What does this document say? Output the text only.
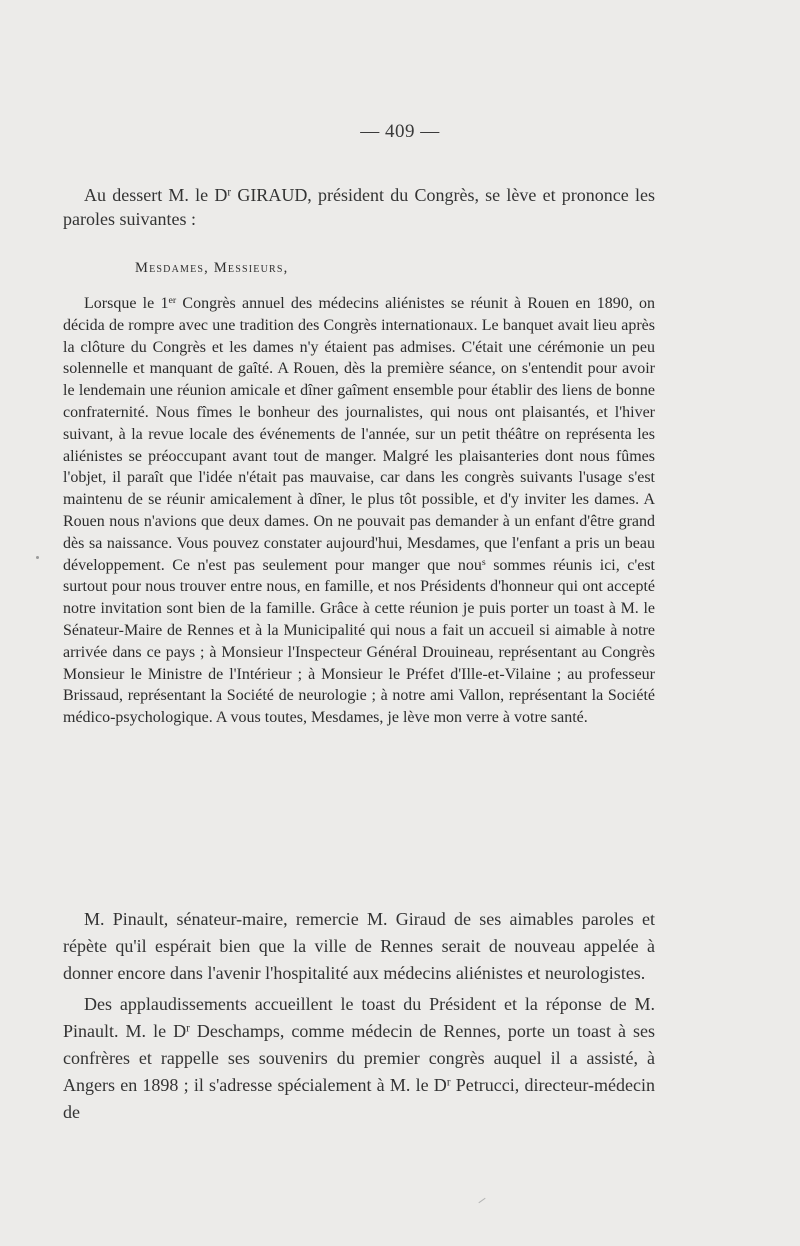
— 409 —

Au dessert M. le $D^r$ GIRAUD, président du Congrès, se lève et prononce les paroles suivantes :

Mesdames, Messieurs,

Lorsque le 1er Congrès annuel des médecins aliénistes se réunit à Rouen en 1890, on décida de rompre avec une tradition des Congrès internationaux. Le banquet avait lieu après la clôture du Congrès et les dames n'y étaient pas admises. C'était une cérémonie un peu solennelle et manquant de gaîté. A Rouen, dès la première séance, on s'entendit pour avoir le lendemain une réunion amicale et dîner gaîment ensemble pour établir des liens de bonne confraternité. Nous fîmes le bonheur des journalistes, qui nous ont plaisantés, et l'hiver suivant, à la revue locale des événements de l'année, sur un petit théâtre on représenta les aliénistes se préoccupant avant tout de manger. Malgré les plaisanteries dont nous fûmes l'objet, il paraît que l'idée n'était pas mauvaise, car dans les congrès suivants l'usage s'est maintenu de se réunir amicalement à dîner, le plus tôt possible, et d'y inviter les dames. A Rouen nous n'avions que deux dames. On ne pouvait pas demander à un enfant d'être grand dès sa naissance. Vous pouvez constater aujourd'hui, Mesdames, que l'enfant a pris un beau développement. Ce n'est pas seulement pour manger que nou$^s$ sommes réunis ici, c'est surtout pour nous trouver entre nous, en famille, et nos Présidents d'honneur qui ont accepté notre invitation sont bien de la famille. Grâce à cette réunion je puis porter un toast à M. le Sénateur-Maire de Rennes et à la Municipalité qui nous a fait un accueil si aimable à notre arrivée dans ce pays ; à Monsieur l'Inspecteur Général Drouineau, représentant au Congrès Monsieur le Ministre de l'Intérieur ; à Monsieur le Préfet d'Ille-et-Vilaine ; au professeur Brissaud, représentant la Société de neurologie ; à notre ami Vallon, représentant la Société médico-psychologique. A vous toutes, Mesdames, je lève mon verre à votre santé.

M. Pinault, sénateur-maire, remercie M. Giraud de ses aimables paroles et répète qu'il espérait bien que la ville de Rennes serait de nouveau appelée à donner encore dans l'avenir l'hospitalité aux médecins aliénistes et neurologistes.

Des applaudissements accueillent le toast du Président et la réponse de M. Pinault. M. le $D^r$ Deschamps, comme médecin de Rennes, porte un toast à ses confrères et rappelle ses souvenirs du premier congrès auquel il a assisté, à Angers en 1898 ; il s'adresse spécialement à M. le $D^r$ Petrucci, directeur-médecin de
